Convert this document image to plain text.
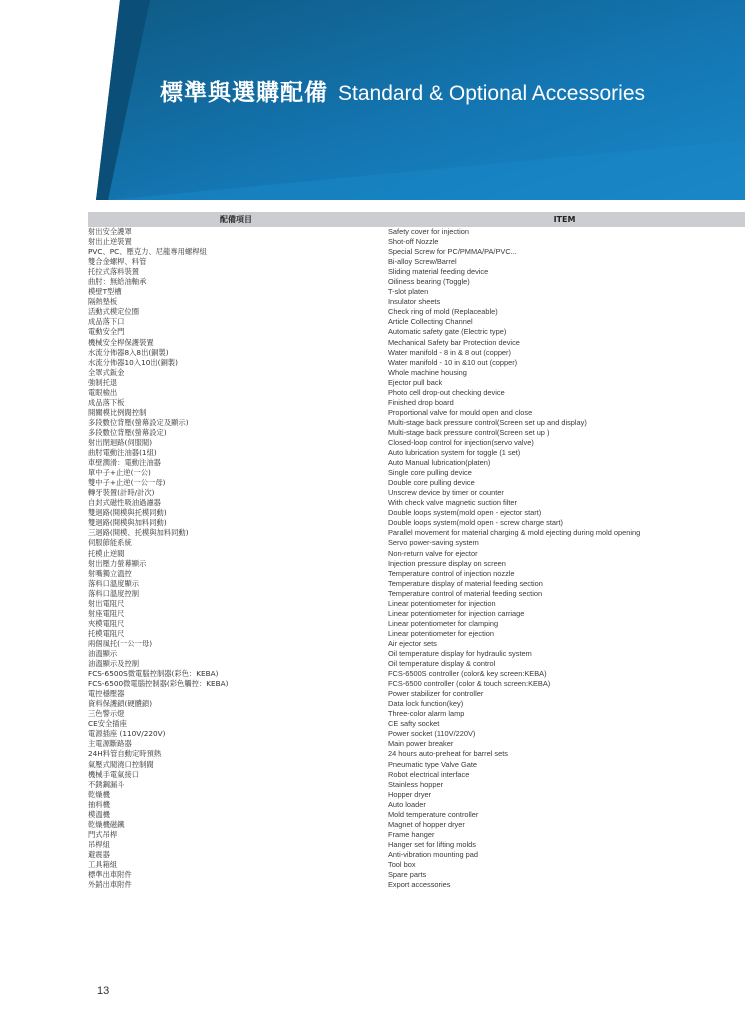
標準與選購配備 Standard & Optional Accessories
配備項目	ITEM
射出安全護罩	Safety cover for injection
射出止逆裝置	Shot-off Nozzle
PVC、PC、壓克力、尼龍專用螺桿組	Special Screw for PC/PMMA/PA/PVC...
雙合金螺桿、料管	Bi-alloy Screw/Barrel
托拉式落料裝置	Sliding material feeding device
曲肘：無給油軸承	Oiliness bearing (Toggle)
模壁T型槽	T-slot platen
隔熱墊板	Insulator sheets
活動式模定位圈	Check ring of mold (Replaceable)
成品落下口	Article Collecting Channel
電動安全門	Automatic safety gate (Electric type)
機械安全桿保護裝置	Mechanical Safety bar Protection device
水流分佈器8入8出(銅製)	Water manifold - 8 in & 8 out (copper)
水流分佈器10入10出(銅製)	Water manifold - 10 in &10 out (copper)
全罩式鈑金	Whole machine housing
強制托退	Ejector pull back
電眼檢出	Photo cell drop-out checking device
成品落下板	Finished drop board
開關模比例閥控制	Proportional valve for mould open and close
多段數位背壓(螢幕設定及顯示)	Multi-stage back pressure control(Screen set up and display)
多段數位背壓(螢幕設定)	Multi-stage back pressure control(Screen set up )
射出閉迴路(伺服閥)	Closed-loop control for injection(servo valve)
曲肘電動注油器(1組)	Auto lubrication system for toggle (1 set)
車壁潤滑：電動注油器	Auto Manual lubrication(platen)
單中子+止逆(一公)	Single core pulling device
雙中子+止逆(一公一母)	Double core pulling device
轉牙裝置(計時/計次)	Unscrew device by timer or counter
自封式磁性吸油過濾器	With check valve magnetic suction filter
雙迴路(開模與托模同動)	Double loops system(mold open - ejector start)
雙迴路(開模與加料同動)	Double loops system(mold open - screw charge start)
三迴路(開模、托模與加料同動)	Parallel movement for material charging & mold ejecting during mold opening
伺服節能系統	Servo power-saving system
托模止逆閥	Non-return valve for ejector
射出壓力螢幕顯示	Injection pressure display on screen
射嘴獨立溫控	Temperature control of injection nozzle
落料口溫度顯示	Temperature display of material feeding section
落料口溫度控制	Temperature control of material feeding section
射出電阻尺	Linear potentiometer for injection
射座電阻尺	Linear potentiometer for injection carriage
夾模電阻尺	Linear potentiometer for clamping
托模電阻尺	Linear potentiometer for ejection
兩個風托(一公一母)	Air ejector sets
油溫顯示	Oil temperature display for hydraulic system
油溫顯示及控制	Oil temperature display & control
FCS-6500S微電腦控制器(彩色：KEBA)	FCS-6500S controller (color& key screen:KEBA)
FCS-6500微電腦控制器(彩色觸控：KEBA)	FCS-6500 controller (color & touch screen:KEBA)
電控穩壓器	Power stabilizer for controller
資料保護鎖(硬體鎖)	Data lock function(key)
三色警示燈	Three-color alarm lamp
CE安全插座	CE safty socket
電源插座 (110V/220V)	Power socket (110V/220V)
主電源斷路器	Main power breaker
24H料管自動定時預熱	24 hours auto-preheat for barrel sets
氣壓式閥澆口控制閥	Pneumatic type Valve Gate
機械手電氣接口	Robot electrical interface
不銹鋼漏斗	Stainless hopper
乾燥機	Hopper dryer
抽料機	Auto loader
模溫機	Mold temperature controller
乾燥機磁鐵	Magnet of hopper dryer
門式吊桿	Frame hanger
吊桿組	Hanger set for lifting molds
避震器	Anti-vibration mounting pad
工具箱組	Tool box
標準出車附件	Spare parts
外銷出車附件	Export accessories
13
